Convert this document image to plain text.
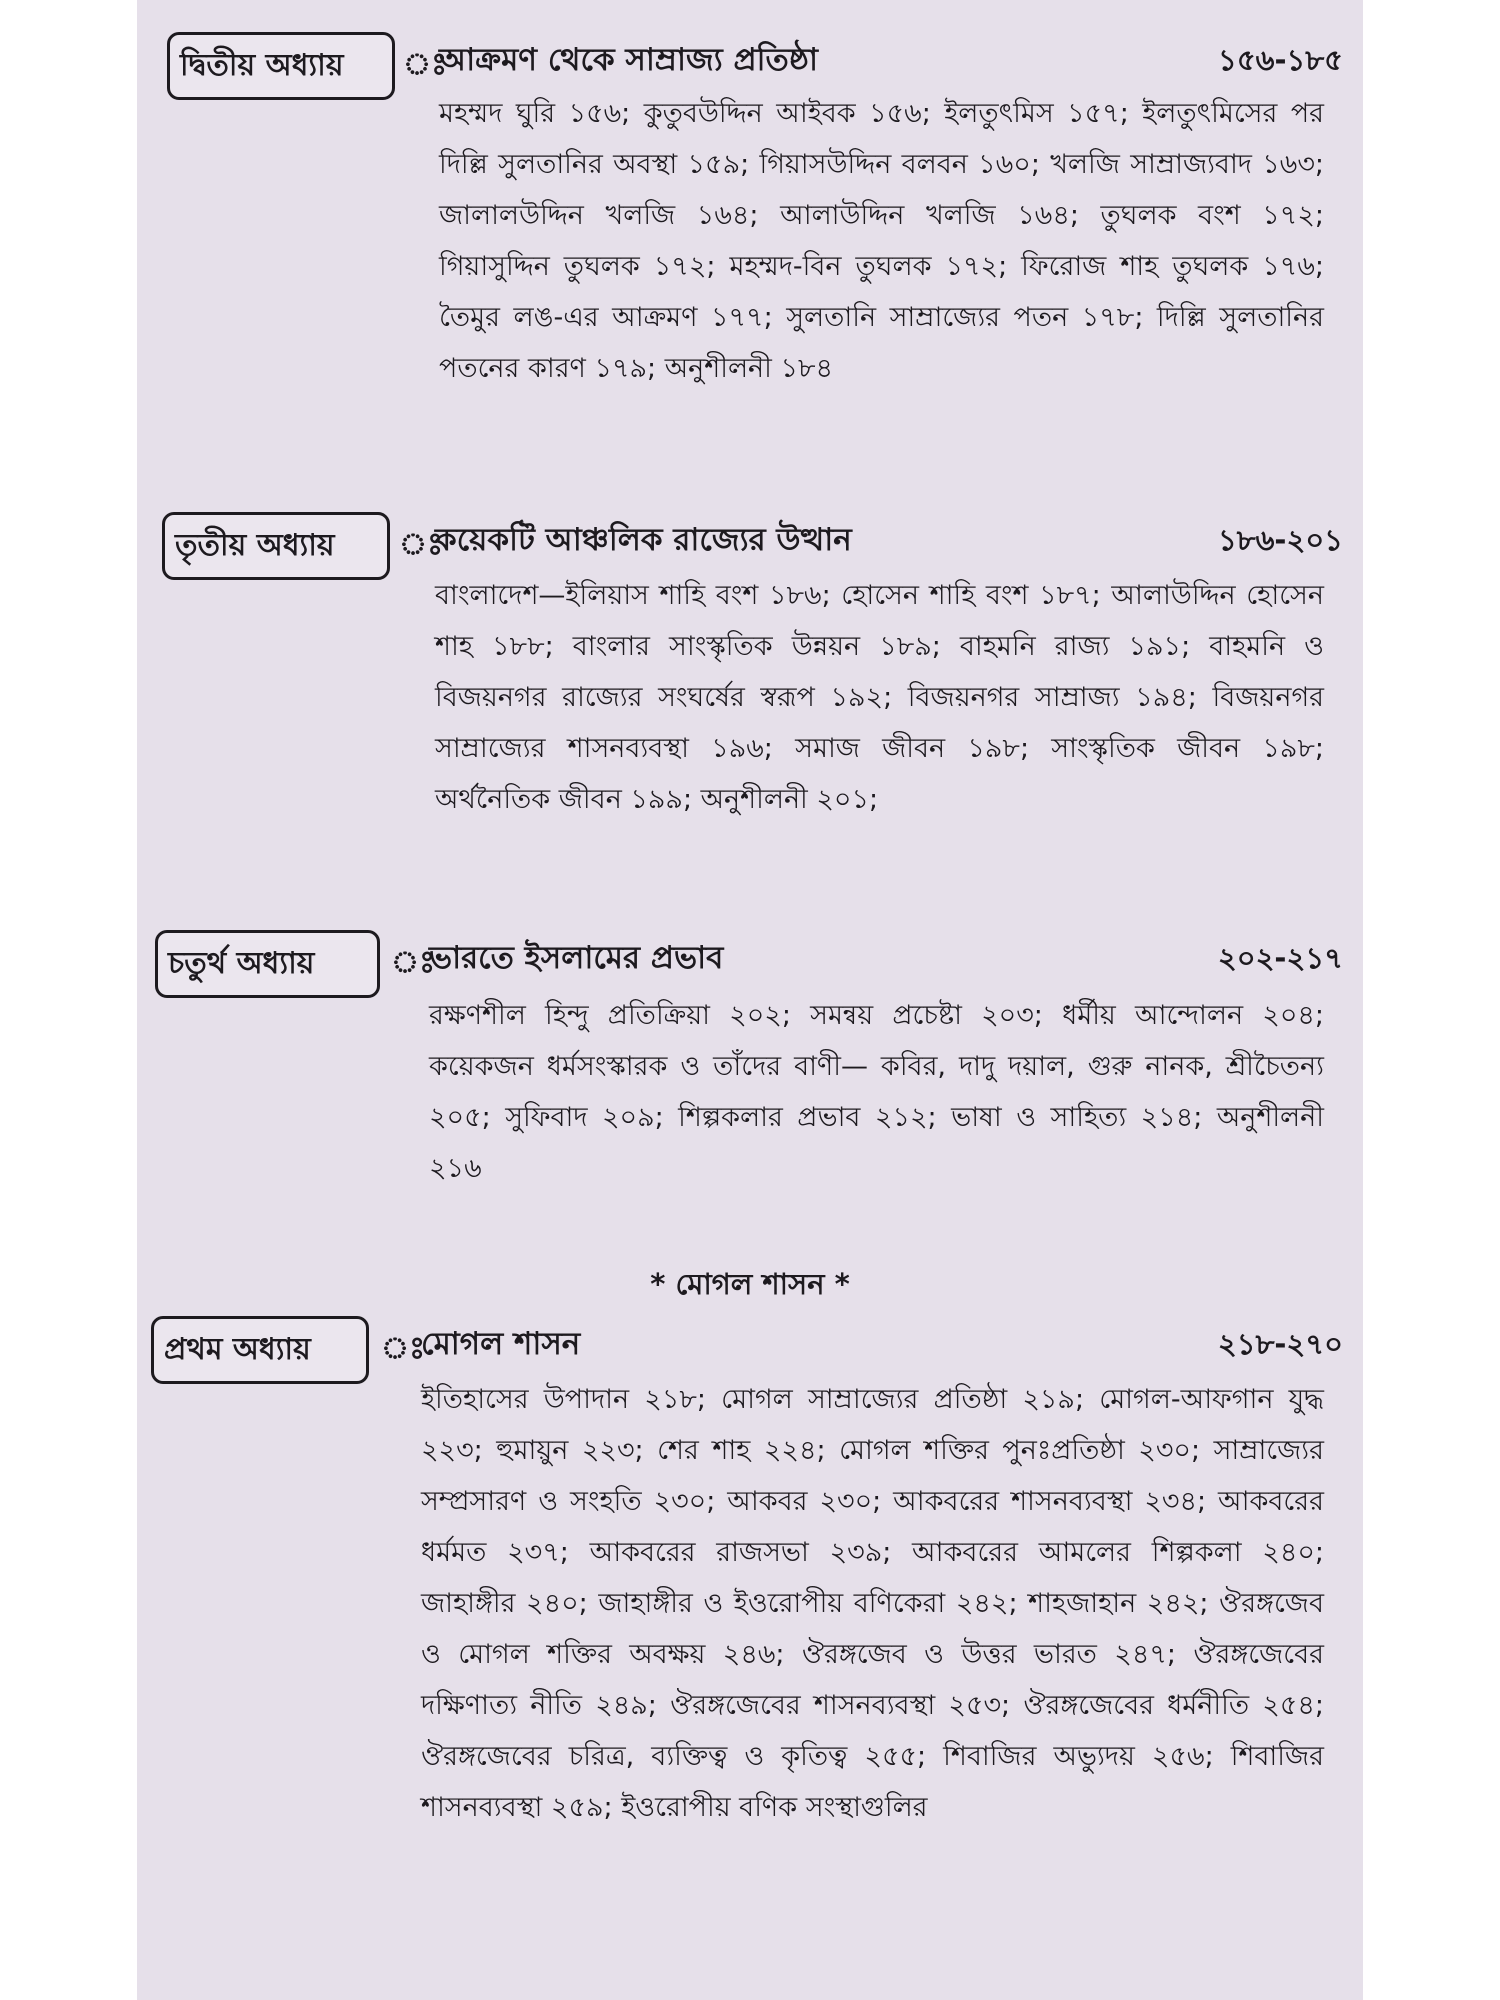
দ্বিতীয় অধ্যায়	ঃ
আক্রমণ থেকে সাম্রাজ্য প্রতিষ্ঠা	১৫৬-১৮৫
মহম্মদ ঘুরি ১৫৬; কুতুবউদ্দিন আইবক ১৫৬; ইলতুৎমিস ১৫৭; ইলতুৎমিসের পর দিল্লি সুলতানির অবস্থা ১৫৯; গিয়াসউদ্দিন বলবন ১৬০; খলজি সাম্রাজ্যবাদ ১৬৩; জালালউদ্দিন খলজি ১৬৪; আলাউদ্দিন খলজি ১৬৪; তুঘলক বংশ ১৭২; গিয়াসুদ্দিন তুঘলক ১৭২; মহম্মদ-বিন তুঘলক ১৭২; ফিরোজ শাহ তুঘলক ১৭৬; তৈমুর লঙ-এর আক্রমণ ১৭৭; সুলতানি সাম্রাজ্যের পতন ১৭৮; দিল্লি সুলতানির পতনের কারণ ১৭৯; অনুশীলনী ১৮৪
তৃতীয় অধ্যায়	ঃ
কয়েকটি আঞ্চলিক রাজ্যের উত্থান	১৮৬-২০১
বাংলাদেশ—ইলিয়াস শাহি বংশ ১৮৬; হোসেন শাহি বংশ ১৮৭; আলাউদ্দিন হোসেন শাহ ১৮৮; বাংলার সাংস্কৃতিক উন্নয়ন ১৮৯; বাহমনি রাজ্য ১৯১; বাহমনি ও বিজয়নগর রাজ্যের সংঘর্ষের স্বরূপ ১৯২; বিজয়নগর সাম্রাজ্য ১৯৪; বিজয়নগর সাম্রাজ্যের শাসনব্যবস্থা ১৯৬; সমাজ জীবন ১৯৮; সাংস্কৃতিক জীবন ১৯৮; অর্থনৈতিক জীবন ১৯৯; অনুশীলনী ২০১;
চতুর্থ অধ্যায়	ঃ
ভারতে ইসলামের প্রভাব	২০২-২১৭
রক্ষণশীল হিন্দু প্রতিক্রিয়া ২০২; সমন্বয় প্রচেষ্টা ২০৩; ধর্মীয় আন্দোলন ২০৪; কয়েকজন ধর্মসংস্কারক ও তাঁদের বাণী— কবির, দাদু দয়াল, গুরু নানক, শ্রীচৈতন্য ২০৫; সুফিবাদ ২০৯; শিল্পকলার প্রভাব ২১২; ভাষা ও সাহিত্য ২১৪; অনুশীলনী ২১৬
* মোগল শাসন *
প্রথম অধ্যায়	ঃ
মোগল শাসন	২১৮-২৭০
ইতিহাসের উপাদান ২১৮; মোগল সাম্রাজ্যের প্রতিষ্ঠা ২১৯; মোগল-আফগান যুদ্ধ ২২৩; হুমায়ুন ২২৩; শের শাহ ২২৪; মোগল শক্তির পুনঃপ্রতিষ্ঠা ২৩০; সাম্রাজ্যের সম্প্রসারণ ও সংহতি ২৩০; আকবর ২৩০; আকবরের শাসনব্যবস্থা ২৩৪; আকবরের ধর্মমত ২৩৭; আকবরের রাজসভা ২৩৯; আকবরের আমলের শিল্পকলা ২৪০; জাহাঙ্গীর ২৪০; জাহাঙ্গীর ও ইওরোপীয় বণিকেরা ২৪২; শাহজাহান ২৪২; ঔরঙ্গজেব ও মোগল শক্তির অবক্ষয় ২৪৬; ঔরঙ্গজেব ও উত্তর ভারত ২৪৭; ঔরঙ্গজেবের দক্ষিণাত্য নীতি ২৪৯; ঔরঙ্গজেবের শাসনব্যবস্থা ২৫৩; ঔরঙ্গজেবের ধর্মনীতি ২৫৪; ঔরঙ্গজেবের চরিত্র, ব্যক্তিত্ব ও কৃতিত্ব ২৫৫; শিবাজির অভ্যুদয় ২৫৬; শিবাজির শাসনব্যবস্থা ২৫৯; ইওরোপীয় বণিক সংস্থাগুলির
